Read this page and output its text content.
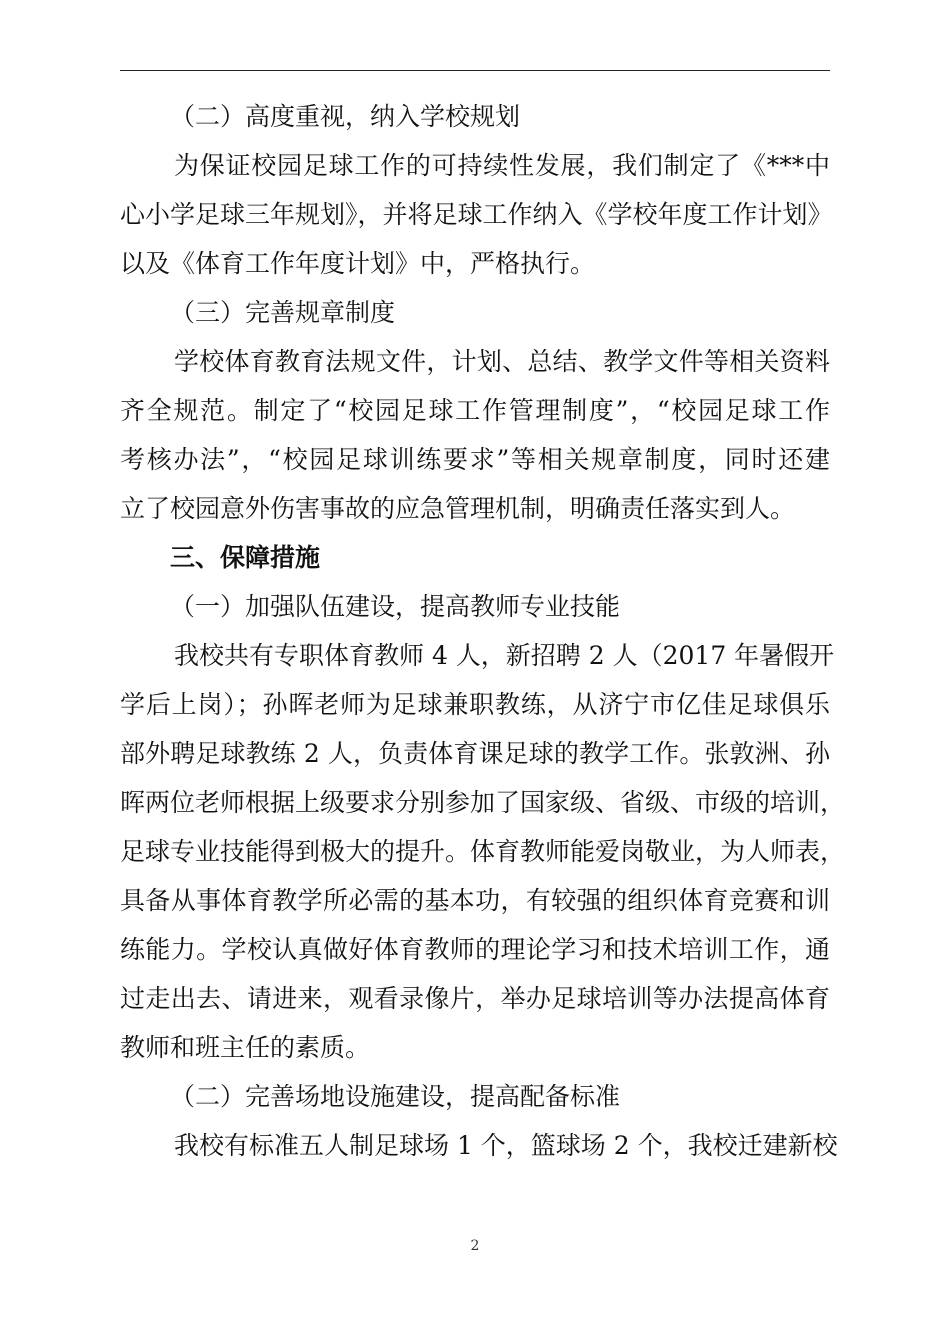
（二）高度重视，纳入学校规划
为保证校园足球工作的可持续性发展，我们制定了《***中
心小学足球三年规划》，并将足球工作纳入《学校年度工作计划》
以及《体育工作年度计划》中，严格执行。
（三）完善规章制度
学校体育教育法规文件，计划、总结、教学文件等相关资料
齐全规范。制定了“校园足球工作管理制度”，“校园足球工作
考核办法”，“校园足球训练要求”等相关规章制度，同时还建
立了校园意外伤害事故的应急管理机制，明确责任落实到人。
三、保障措施
（一）加强队伍建设，提高教师专业技能
我校共有专职体育教师 4 人，新招聘 2 人（2017 年暑假开
学后上岗）；孙晖老师为足球兼职教练，从济宁市亿佳足球俱乐
部外聘足球教练 2 人，负责体育课足球的教学工作。张敦洲、孙
晖两位老师根据上级要求分别参加了国家级、省级、市级的培训，
足球专业技能得到极大的提升。体育教师能爱岗敬业，为人师表，
具备从事体育教学所必需的基本功，有较强的组织体育竞赛和训
练能力。学校认真做好体育教师的理论学习和技术培训工作，通
过走出去、请进来，观看录像片，举办足球培训等办法提高体育
教师和班主任的素质。
（二）完善场地设施建设，提高配备标准
我校有标准五人制足球场 1 个，篮球场 2 个，我校迁建新校
2
